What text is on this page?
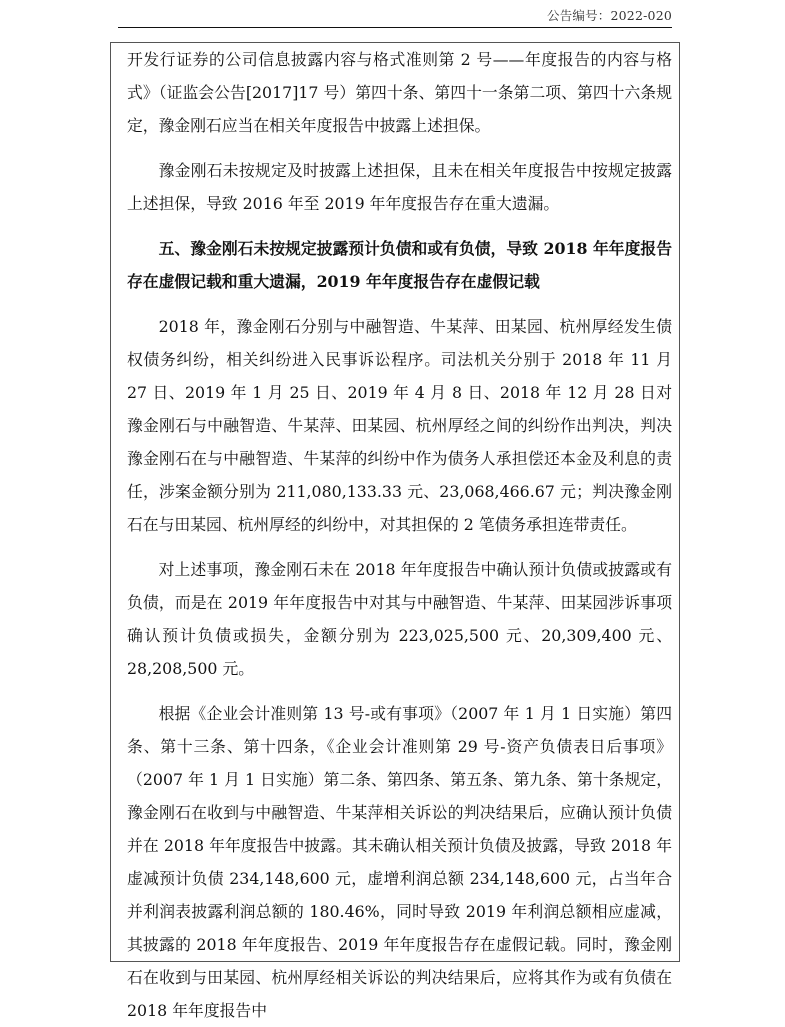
公告编号：2022-020

开发行证券的公司信息披露内容与格式准则第 2 号——年度报告的内容与格式》（证监会公告[2017]17 号）第四十条、第四十一条第二项、第四十六条规定，豫金刚石应当在相关年度报告中披露上述担保。

豫金刚石未按规定及时披露上述担保，且未在相关年度报告中按规定披露上述担保，导致 2016 年至 2019 年年度报告存在重大遗漏。

五、豫金刚石未按规定披露预计负债和或有负债，导致 2018 年年度报告存在虚假记载和重大遗漏，2019 年年度报告存在虚假记载

2018 年，豫金刚石分别与中融智造、牛某萍、田某园、杭州厚经发生债权债务纠纷，相关纠纷进入民事诉讼程序。司法机关分别于 2018 年 11 月 27 日、2019 年 1 月 25 日、2019 年 4 月 8 日、2018 年 12 月 28 日对豫金刚石与中融智造、牛某萍、田某园、杭州厚经之间的纠纷作出判决，判决豫金刚石在与中融智造、牛某萍的纠纷中作为债务人承担偿还本金及利息的责任，涉案金额分别为 211,080,133.33 元、23,068,466.67 元；判决豫金刚石在与田某园、杭州厚经的纠纷中，对其担保的 2 笔债务承担连带责任。

对上述事项，豫金刚石未在 2018 年年度报告中确认预计负债或披露或有负债，而是在 2019 年年度报告中对其与中融智造、牛某萍、田某园涉诉事项确认预计负债或损失，金额分别为 223,025,500 元、20,309,400 元、28,208,500 元。

根据《企业会计准则第 13 号-或有事项》（2007 年 1 月 1 日实施）第四条、第十三条、第十四条，《企业会计准则第 29 号-资产负债表日后事项》（2007 年 1 月 1 日实施）第二条、第四条、第五条、第九条、第十条规定，豫金刚石在收到与中融智造、牛某萍相关诉讼的判决结果后，应确认预计负债并在 2018 年年度报告中披露。其未确认相关预计负债及披露，导致 2018 年虚减预计负债 234,148,600 元，虚增利润总额 234,148,600 元，占当年合并利润表披露利润总额的 180.46%，同时导致 2019 年利润总额相应虚减，其披露的 2018 年年度报告、2019 年年度报告存在虚假记载。同时，豫金刚石在收到与田某园、杭州厚经相关诉讼的判决结果后，应将其作为或有负债在 2018 年年度报告中
